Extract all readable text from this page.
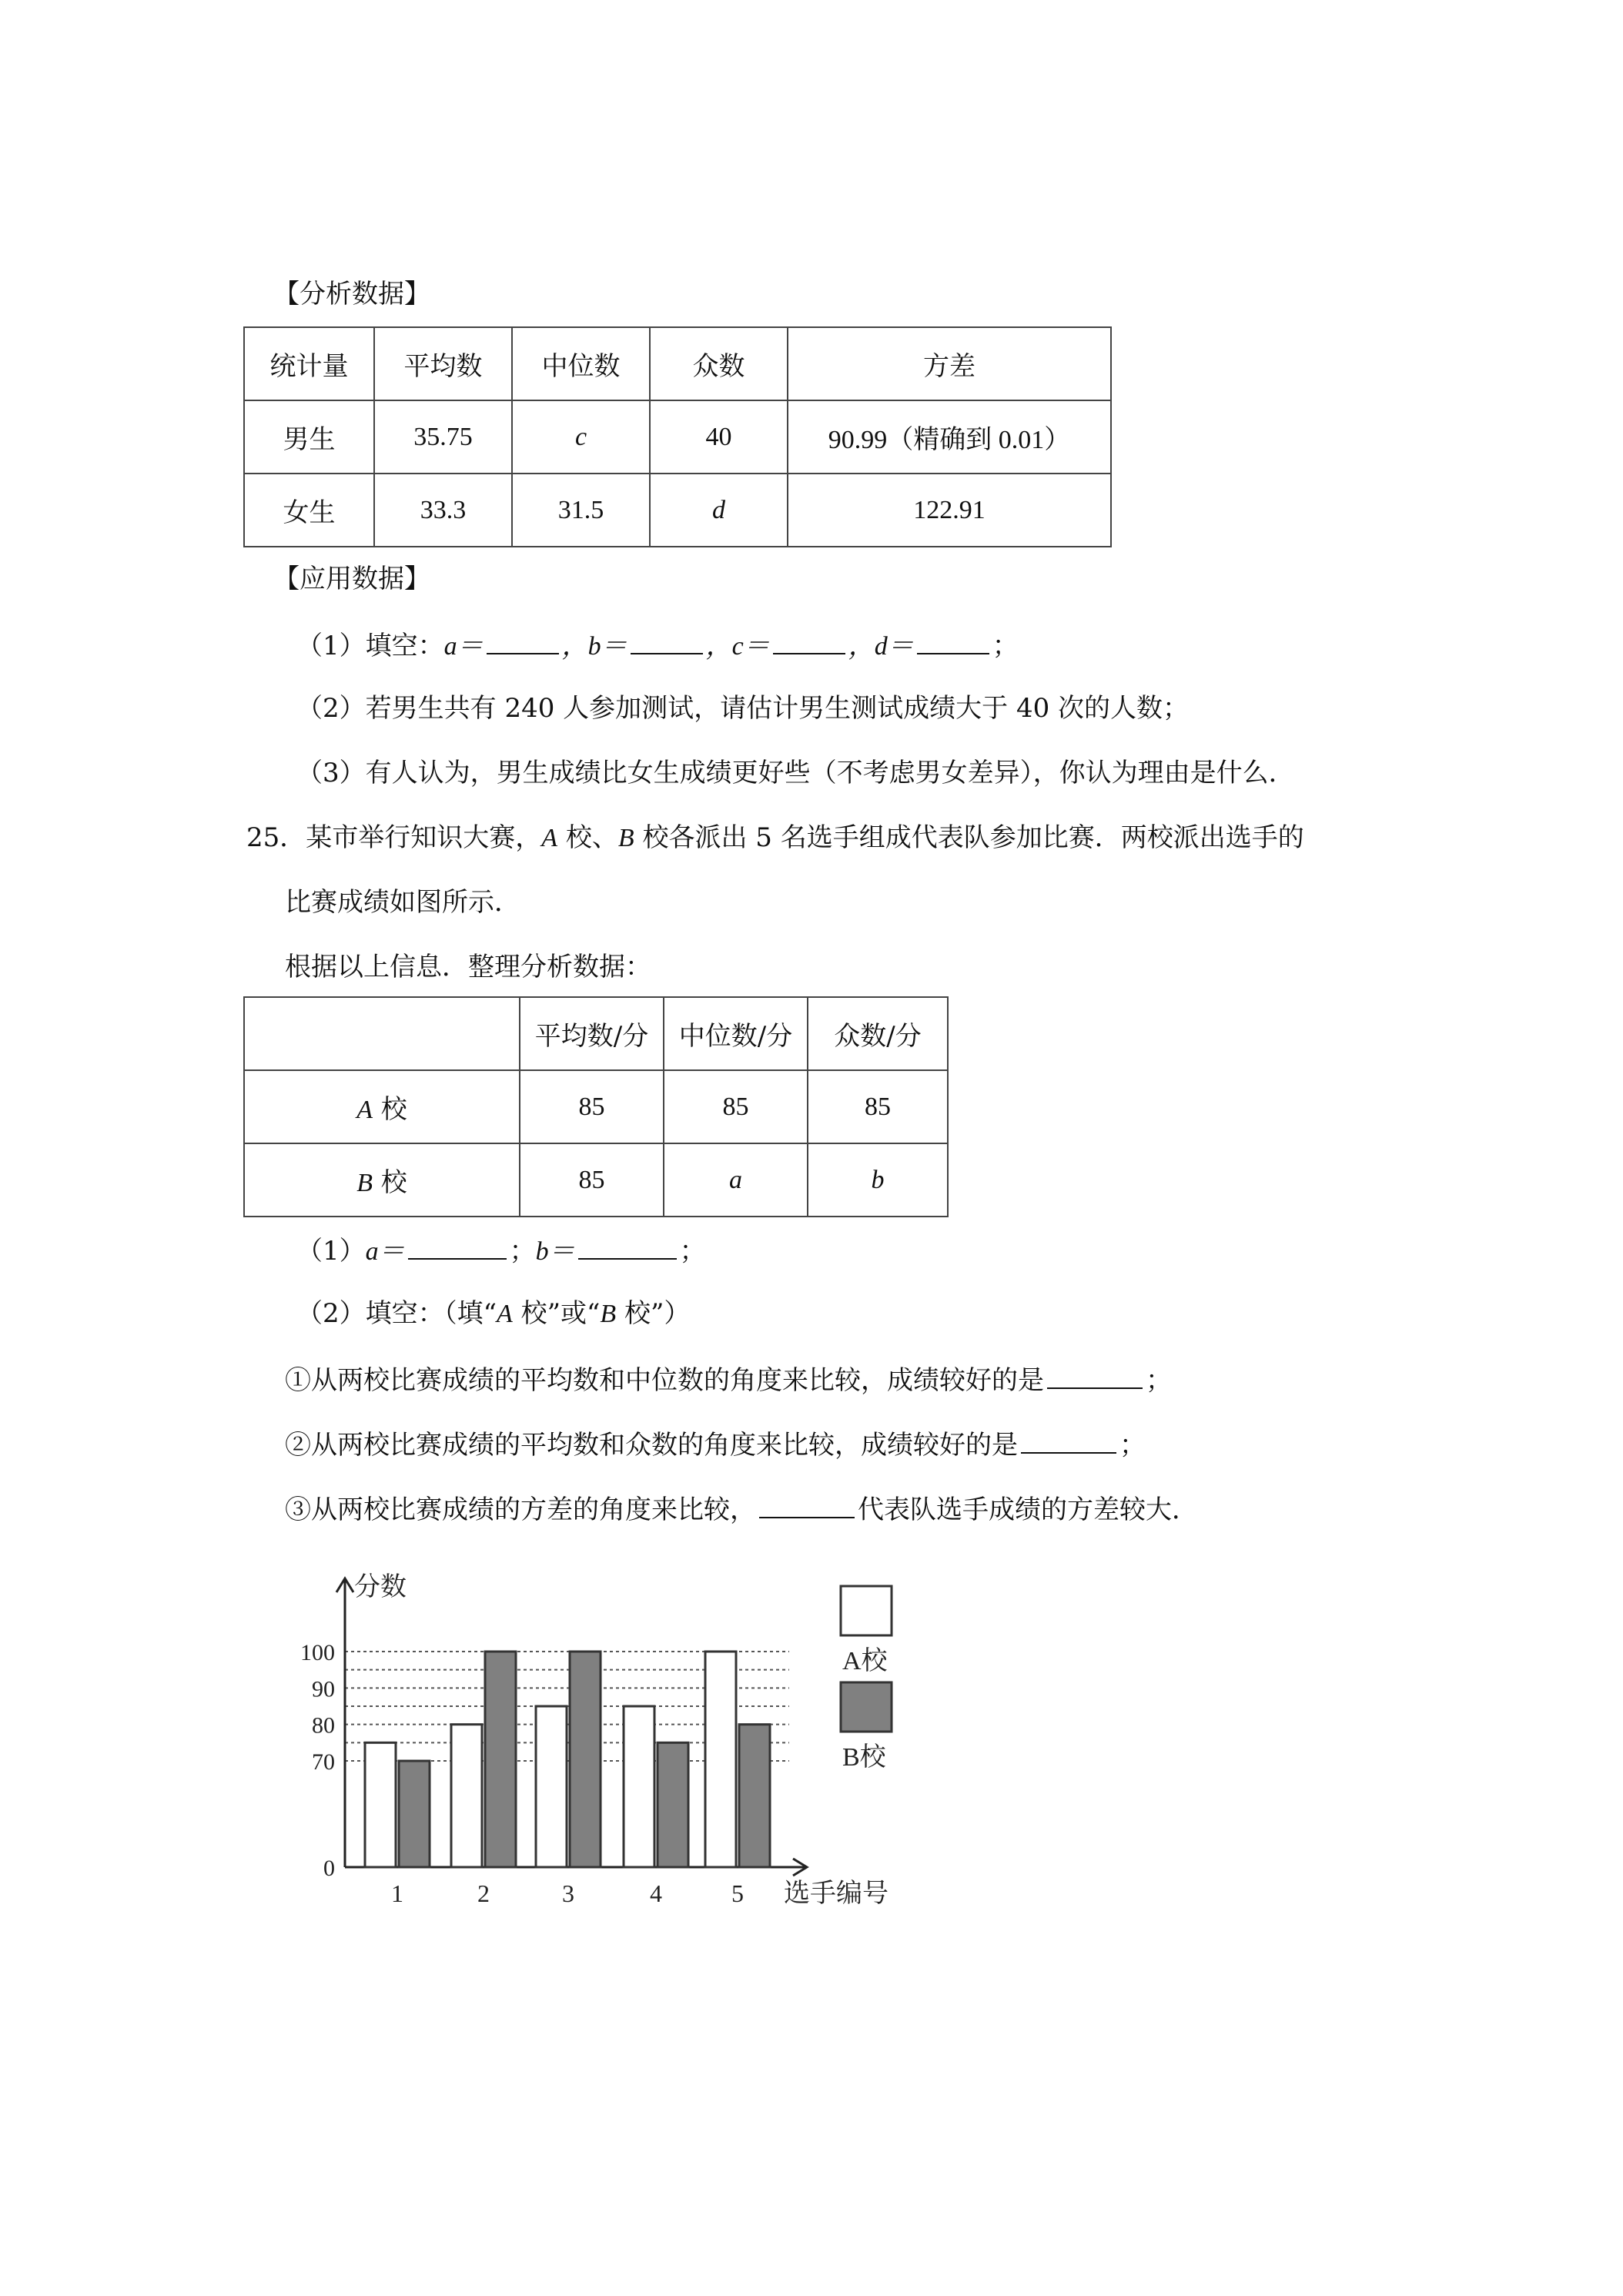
【分析数据】
统计量	平均数	中位数	众数	方差
男生	35.75	c	40	90.99（精确到 0.01）
女生	33.3	31.5	d	122.91
【应用数据】
（1）填空：a＝	，b＝	，c＝	，d＝	；
（2）若男生共有 240 人参加测试，请估计男生测试成绩大于 40 次的人数；
（3）有人认为，男生成绩比女生成绩更好些（不考虑男女差异），你认为理由是什么．
25．某市举行知识大赛，A 校、B 校各派出 5 名选手组成代表队参加比赛．两校派出选手的
比赛成绩如图所示．
根据以上信息．整理分析数据：
	平均数/分	中位数/分	众数/分
A 校	85	85	85
B 校	85	a	b
（1）a＝	；b＝	；
（2）填空：（填“A 校”或“B 校”）
①从两校比赛成绩的平均数和中位数的角度来比较，成绩较好的是	；
②从两校比赛成绩的平均数和众数的角度来比较，成绩较好的是	；
③从两校比赛成绩的方差的角度来比较，	代表队选手成绩的方差较大．
分数
选手编号
0
70
80
90
100
1	2	3	4	5
A校
B校
